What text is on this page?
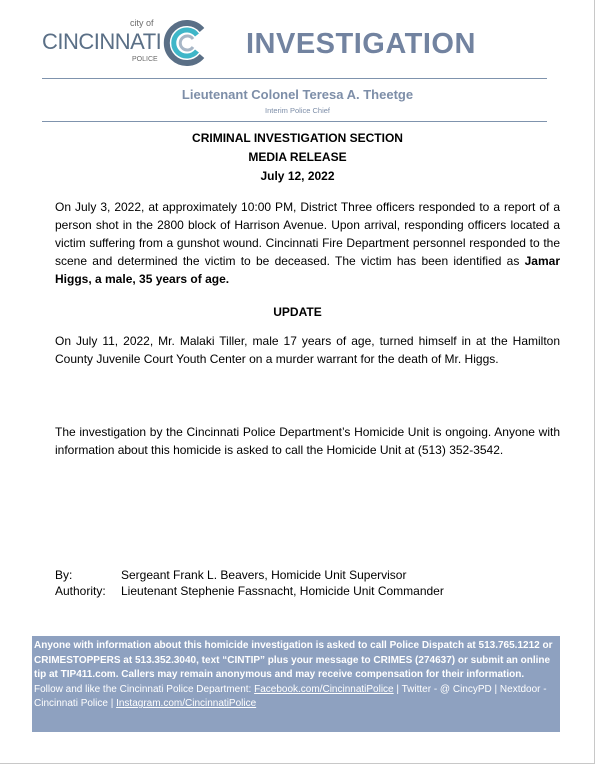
city of
CINCINNATI
POLICE	INVESTIGATION
Lieutenant Colonel Teresa A. Theetge
Interim Police Chief
CRIMINAL INVESTIGATION SECTION
MEDIA RELEASE
July 12, 2022
On July 3, 2022, at approximately 10:00 PM, District Three officers responded to a report of a person shot in the 2800 block of Harrison Avenue. Upon arrival, responding officers located a victim suffering from a gunshot wound. Cincinnati Fire Department personnel responded to the scene and determined the victim to be deceased. The victim has been identified as Jamar Higgs, a male, 35 years of age.
UPDATE
On July 11, 2022, Mr. Malaki Tiller, male 17 years of age, turned himself in at the Hamilton County Juvenile Court Youth Center on a murder warrant for the death of Mr. Higgs.
The investigation by the Cincinnati Police Department’s Homicide Unit is ongoing. Anyone with information about this homicide is asked to call the Homicide Unit at (513) 352-3542.
By:	Sergeant Frank L. Beavers, Homicide Unit Supervisor
Authority: Lieutenant Stephenie Fassnacht, Homicide Unit Commander
Anyone with information about this homicide investigation is asked to call Police Dispatch at 513.765.1212 or CRIMESTOPPERS at 513.352.3040, text “CINTIP” plus your message to CRIMES (274637) or submit an online tip at TIP411.com. Callers may remain anonymous and may receive compensation for their information.
Follow and like the Cincinnati Police Department: Facebook.com/CincinnatiPolice | Twitter - @ CincyPD | Nextdoor - Cincinnati Police | Instagram.com/CincinnatiPolice
